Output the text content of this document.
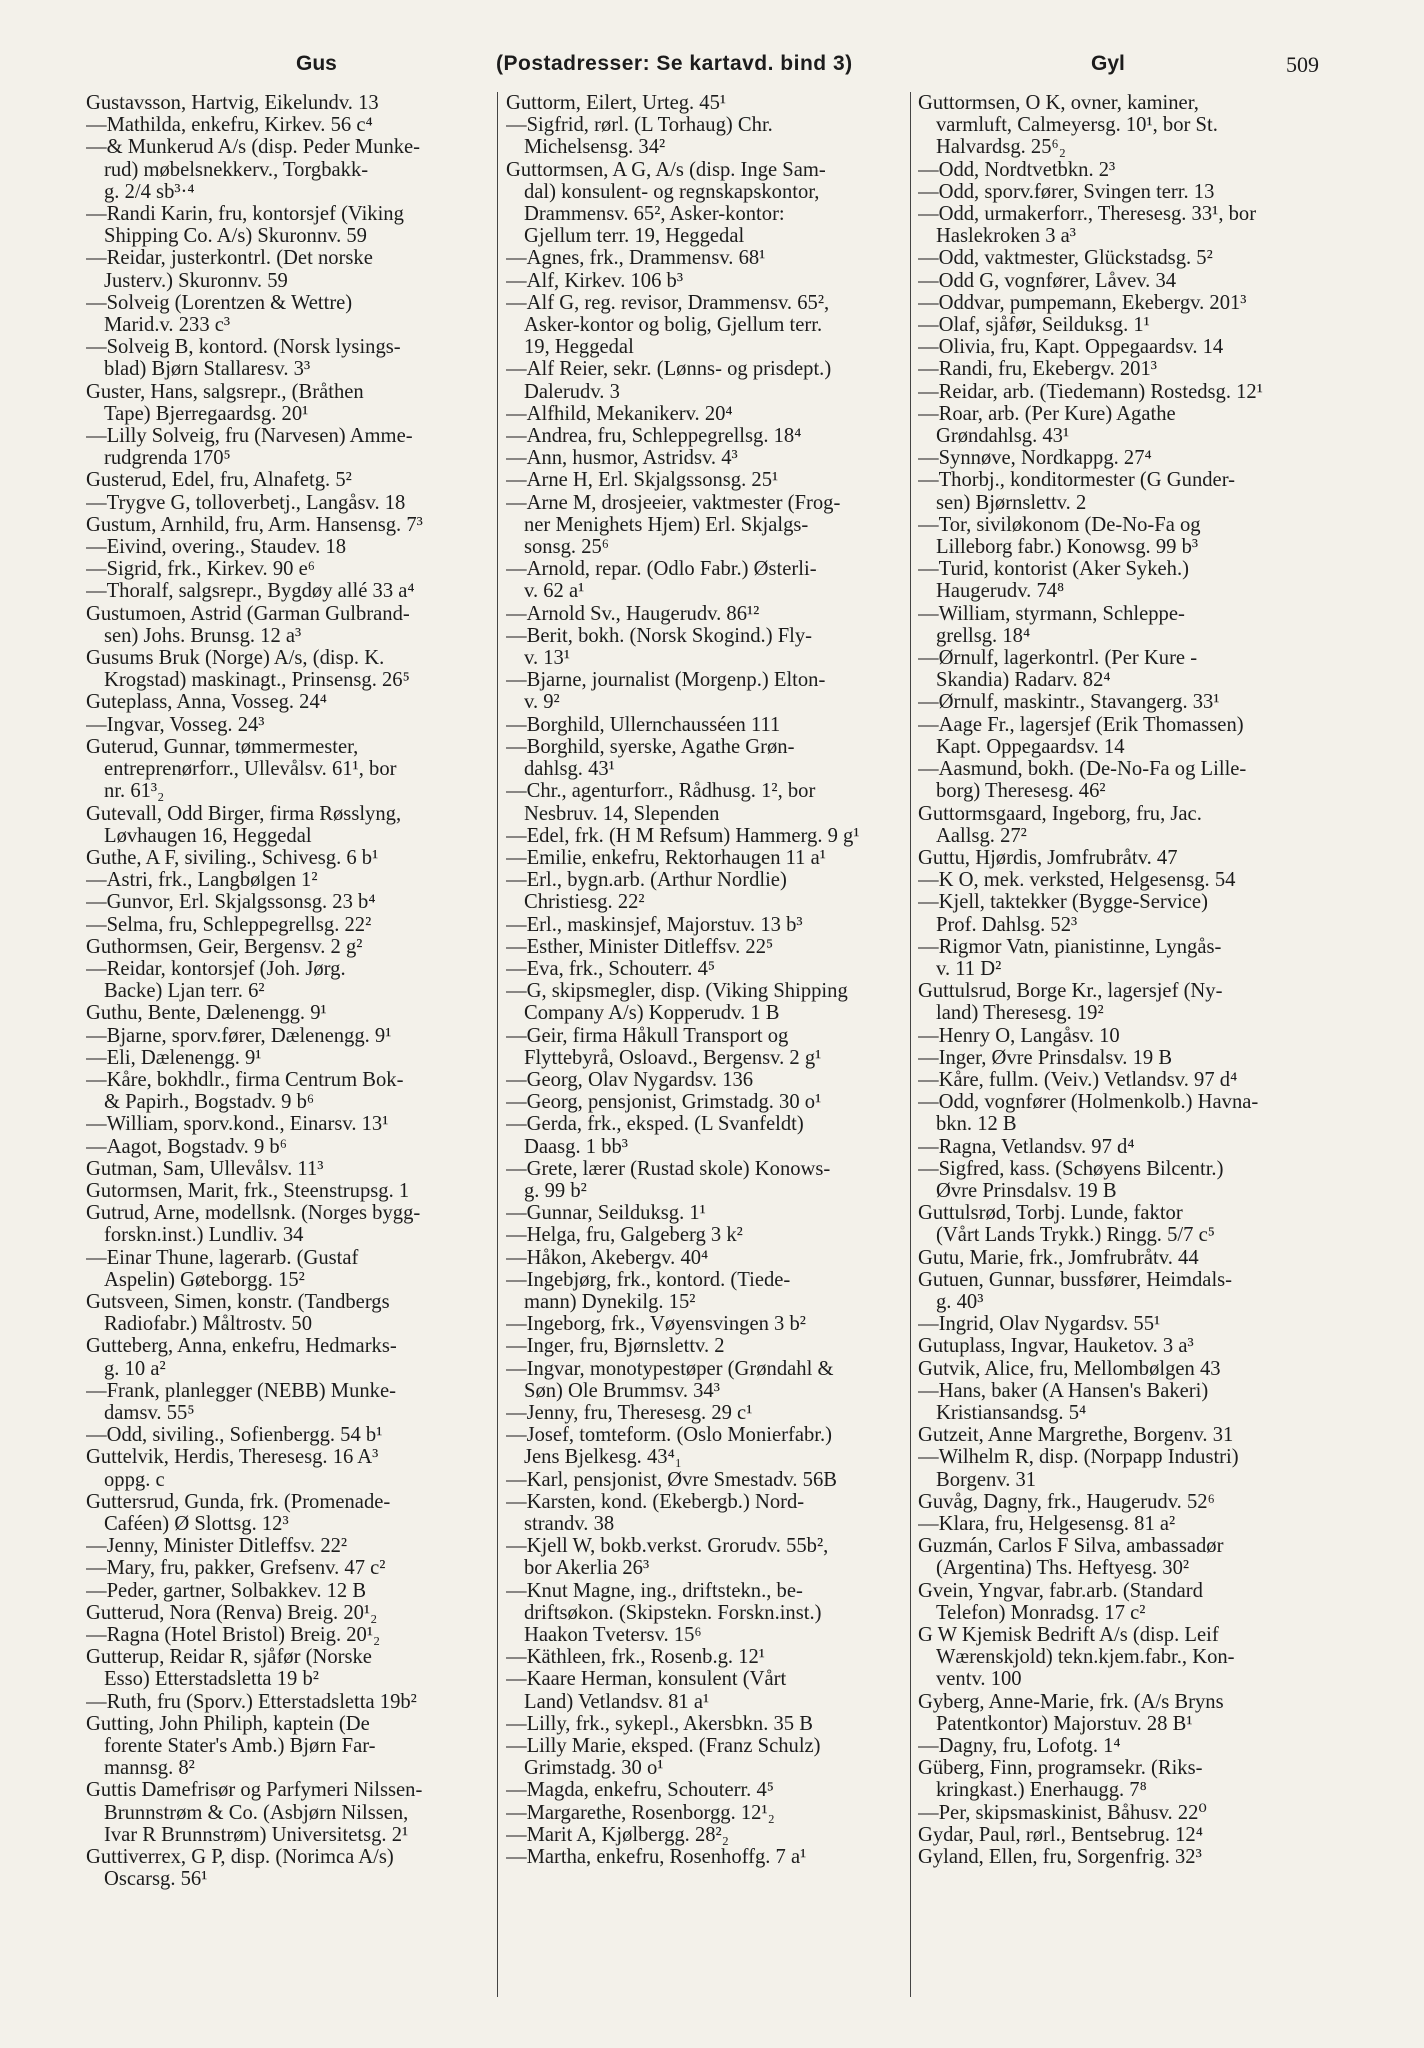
Gus	(Postadresser: Se kartavd. bind 3)	Gyl	509
Gustavsson, Hartvig, Eikelundv. 13
—Mathilda, enkefru, Kirkev. 56 c⁴
—& Munkerud A/s (disp. Peder Munke-
rud) møbelsnekkerv., Torgbakk-
g. 2/4 sb³·⁴
—Randi Karin, fru, kontorsjef (Viking
Shipping Co. A/s) Skuronnv. 59
—Reidar, justerkontrl. (Det norske
Justerv.) Skuronnv. 59
—Solveig (Lorentzen & Wettre)
Marid.v. 233 c³
—Solveig B, kontord. (Norsk lysings-
blad) Bjørn Stallaresv. 3³
Guster, Hans, salgsrepr., (Bråthen
Tape) Bjerregaardsg. 20¹
—Lilly Solveig, fru (Narvesen) Ammе-
rudgrenda 170⁵
Gusterud, Edel, fru, Alnafetg. 5²
—Trygve G, tolloverbetj., Langåsv. 18
Gustum, Arnhild, fru, Arm. Hansensg. 7³
—Eivind, overing., Staudev. 18
—Sigrid, frk., Kirkev. 90 e⁶
—Thoralf, salgsrepr., Bygdøy allé 33 a⁴
Gustumoen, Astrid (Garman Gulbrand-
sen) Johs. Brunsg. 12 a³
Gusums Bruk (Norge) A/s, (disp. K.
Krogstad) maskinagt., Prinsensg. 26⁵
Guteplass, Anna, Vosseg. 24⁴
—Ingvar, Vosseg. 24³
Guterud, Gunnar, tømmermester,
entreprenørforr., Ullevålsv. 61¹, bor
nr. 61³₂
Gutevall, Odd Birger, firma Røsslyng,
Løvhaugen 16, Heggedal
Guthe, A F, siviling., Schivesg. 6 b¹
—Astri, frk., Langbølgen 1²
—Gunvor, Erl. Skjalgssonsg. 23 b⁴
—Selma, fru, Schleppegrellsg. 22²
Guthormsen, Geir, Bergensv. 2 g²
—Reidar, kontorsjef (Joh. Jørg.
Backe) Ljan terr. 6²
Guthu, Bente, Dælenengg. 9¹
—Bjarne, sporv.fører, Dælenengg. 9¹
—Eli, Dælenengg. 9¹
—Kåre, bokhdlr., firma Centrum Bok-
& Papirh., Bogstadv. 9 b⁶
—William, sporv.kond., Einarsv. 13¹
—Aagot, Bogstadv. 9 b⁶
Gutman, Sam, Ullevålsv. 11³
Gutormsen, Marit, frk., Steenstrupsg. 1
Gutrud, Arne, modellsnk. (Norges bygg-
forskn.inst.) Lundliv. 34
—Einar Thune, lagerarb. (Gustaf
Aspelin) Gøteborgg. 15²
Gutsveen, Simen, konstr. (Tandbergs
Radiofabr.) Måltrostv. 50
Gutteberg, Anna, enkefru, Hedmarks-
g. 10 a²
—Frank, planlegger (NEBB) Munke-
damsv. 55⁵
—Odd, siviling., Sofienbergg. 54 b¹
Guttelvik, Herdis, Theresesg. 16 A³
oppg. c
Guttersrud, Gunda, frk. (Promenade-
Caféen) Ø Slottsg. 12³
—Jenny, Minister Ditleffsv. 22²
—Mary, fru, pakker, Grefsenv. 47 c²
—Peder, gartner, Solbakkev. 12 B
Gutterud, Nora (Renva) Breig. 20¹₂
—Ragna (Hotel Bristol) Breig. 20¹₂
Gutterup, Reidar R, sjåfør (Norske
Esso) Etterstadsletta 19 b²
—Ruth, fru (Sporv.) Etterstadsletta 19b²
Gutting, John Philiph, kaptein (De
forente Stater's Amb.) Bjørn Far-
mannsg. 8²
Guttis Damefrisør og Parfymeri Nilssen-
Brunnstrøm & Co. (Asbjørn Nilssen,
Ivar R Brunnstrøm) Universitetsg. 2¹
Guttiverrex, G P, disp. (Norimca A/s)
Oscarsg. 56¹
Guttorm, Eilert, Urteg. 45¹
—Sigfrid, rørl. (L Torhaug) Chr.
Michelsensg. 34²
Guttormsen, A G, A/s (disp. Inge Sam-
dal) konsulent- og regnskapskontor,
Drammensv. 65², Asker-kontor:
Gjellum terr. 19, Heggedal
—Agnes, frk., Drammensv. 68¹
—Alf, Kirkev. 106 b³
—Alf G, reg. revisor, Drammensv. 65²,
Asker-kontor og bolig, Gjellum terr.
19, Heggedal
—Alf Reier, sekr. (Lønns- og prisdept.)
Dalerudv. 3
—Alfhild, Mekanikerv. 20⁴
—Andrea, fru, Schleppegrellsg. 18⁴
—Ann, husmor, Astridsv. 4³
—Arne H, Erl. Skjalgssonsg. 25¹
—Arne M, drosjeeier, vaktmester (Frog-
ner Menighets Hjem) Erl. Skjalgs-
sonsg. 25⁶
—Arnold, repar. (Odlo Fabr.) Østerli-
v. 62 a¹
—Arnold Sv., Haugerudv. 86¹²
—Berit, bokh. (Norsk Skogind.) Fly-
v. 13¹
—Bjarne, journalist (Morgenp.) Elton-
v. 9²
—Borghild, Ullernchausséen 111
—Borghild, syerske, Agathe Grøn-
dahlsg. 43¹
—Chr., agenturforr., Rådhusg. 1², bor
Nesbruv. 14, Slependen
—Edel, frk. (H M Refsum) Hammerg. 9 g¹
—Emilie, enkefru, Rektorhaugen 11 a¹
—Erl., bygn.arb. (Arthur Nordlie)
Christiesg. 22²
—Erl., maskinsjef, Majorstuv. 13 b³
—Esther, Minister Ditleffsv. 22⁵
—Eva, frk., Schouterr. 4⁵
—G, skipsmegler, disp. (Viking Shipping
Company A/s) Kopperudv. 1 B
—Geir, firma Håkull Transport og
Flyttebyrå, Osloavd., Bergensv. 2 g¹
—Georg, Olav Nygardsv. 136
—Georg, pensjonist, Grimstadg. 30 o¹
—Gerda, frk., eksped. (L Svanfeldt)
Daasg. 1 bb³
—Grete, lærer (Rustad skole) Konows-
g. 99 b²
—Gunnar, Seilduksg. 1¹
—Helga, fru, Galgeberg 3 k²
—Håkon, Akebergv. 40⁴
—Ingebjørg, frk., kontord. (Tiede-
mann) Dynekilg. 15²
—Ingeborg, frk., Vøyensvingen 3 b²
—Inger, fru, Bjørnslettv. 2
—Ingvar, monotypestøper (Grøndahl &
Søn) Ole Brummsv. 34³
—Jenny, fru, Theresesg. 29 c¹
—Josef, tomteform. (Oslo Monierfabr.)
Jens Bjelkesg. 43⁴₁
—Karl, pensjonist, Øvre Smestadv. 56B
—Karsten, kond. (Ekebergb.) Nord-
strandv. 38
—Kjell W, bokb.verkst. Grorudv. 55b²,
bor Akerlia 26³
—Knut Magne, ing., driftstekn., be-
driftsøkon. (Skipstekn. Forskn.inst.)
Haakon Tvetersv. 15⁶
—Käthleen, frk., Rosenb.g. 12¹
—Kaare Herman, konsulent (Vårt
Land) Vetlandsv. 81 a¹
—Lilly, frk., sykepl., Akersbkn. 35 B
—Lilly Marie, eksped. (Franz Schulz)
Grimstadg. 30 o¹
—Magda, enkefru, Schouterr. 4⁵
—Margarethe, Rosenborgg. 12¹₂
—Marit A, Kjølbergg. 28²₂
—Martha, enkefru, Rosenhoffg. 7 a¹
Guttormsen, O K, ovner, kaminer,
varmluft, Calmeyersg. 10¹, bor St.
Halvardsg. 25⁶₂
—Odd, Nordtvetbkn. 2³
—Odd, sporv.fører, Svingen terr. 13
—Odd, urmakerforr., Theresesg. 33¹, bor
Haslekroken 3 a³
—Odd, vaktmester, Glückstadsg. 5²
—Odd G, vognfører, Låvev. 34
—Oddvar, pumpemann, Ekebergv. 201³
—Olaf, sjåfør, Seilduksg. 1¹
—Olivia, fru, Kapt. Oppegaardsv. 14
—Randi, fru, Ekebergv. 201³
—Reidar, arb. (Tiedemann) Rostedsg. 12¹
—Roar, arb. (Per Kure) Agathe
Grøndahlsg. 43¹
—Synnøve, Nordkappg. 27⁴
—Thorbj., konditormester (G Gunder-
sen) Bjørnslettv. 2
—Tor, siviløkonom (De-No-Fa og
Lilleborg fabr.) Konowsg. 99 b³
—Turid, kontorist (Aker Sykeh.)
Haugerudv. 74⁸
—William, styrmann, Schleppe-
grellsg. 18⁴
—Ørnulf, lagerkontrl. (Per Kure -
Skandia) Radarv. 82⁴
—Ørnulf, maskintr., Stavangerg. 33¹
—Aage Fr., lagersjef (Erik Thomassen)
Kapt. Oppegaardsv. 14
—Aasmund, bokh. (De-No-Fa og Lille-
borg) Theresesg. 46²
Guttormsgaard, Ingeborg, fru, Jac.
Aallsg. 27²
Guttu, Hjørdis, Jomfrubråtv. 47
—K O, mek. verksted, Helgesensg. 54
—Kjell, taktekker (Bygge-Service)
Prof. Dahlsg. 52³
—Rigmor Vatn, pianistinne, Lyngås-
v. 11 D²
Guttulsrud, Borge Kr., lagersjef (Ny-
land) Theresesg. 19²
—Henry O, Langåsv. 10
—Inger, Øvre Prinsdalsv. 19 B
—Kåre, fullm. (Veiv.) Vetlandsv. 97 d⁴
—Odd, vognfører (Holmenkolb.) Havna-
bkn. 12 B
—Ragna, Vetlandsv. 97 d⁴
—Sigfred, kass. (Schøyens Bilcentr.)
Øvre Prinsdalsv. 19 B
Guttulsrød, Torbj. Lunde, faktor
(Vårt Lands Trykk.) Ringg. 5/7 c⁵
Gutu, Marie, frk., Jomfrubråtv. 44
Gutuen, Gunnar, bussfører, Heimdals-
g. 40³
—Ingrid, Olav Nygardsv. 55¹
Gutuplass, Ingvar, Hauketov. 3 a³
Gutvik, Alice, fru, Mellombølgen 43
—Hans, baker (A Hansen's Bakeri)
Kristiansandsg. 5⁴
Gutzeit, Anne Margrethe, Borgenv. 31
—Wilhelm R, disp. (Norpapp Industri)
Borgenv. 31
Guvåg, Dagny, frk., Haugerudv. 52⁶
—Klara, fru, Helgesensg. 81 a²
Guzmán, Carlos F Silva, ambassadør
(Argentina) Ths. Heftyesg. 30²
Gvein, Yngvar, fabr.arb. (Standard
Telefon) Monradsg. 17 c²
G W Kjemisk Bedrift A/s (disp. Leif
Wærenskjold) tekn.kjem.fabr., Kon-
ventv. 100
Gyberg, Anne-Marie, frk. (A/s Bryns
Patentkontor) Majorstuv. 28 B¹
—Dagny, fru, Lofotg. 1⁴
Güberg, Finn, programsekr. (Riks-
kringkast.) Enerhaugg. 7⁸
—Per, skipsmaskinist, Båhusv. 22⁰
Gydar, Paul, rørl., Bentsebrug. 12⁴
Gyland, Ellen, fru, Sorgenfrig. 32³
